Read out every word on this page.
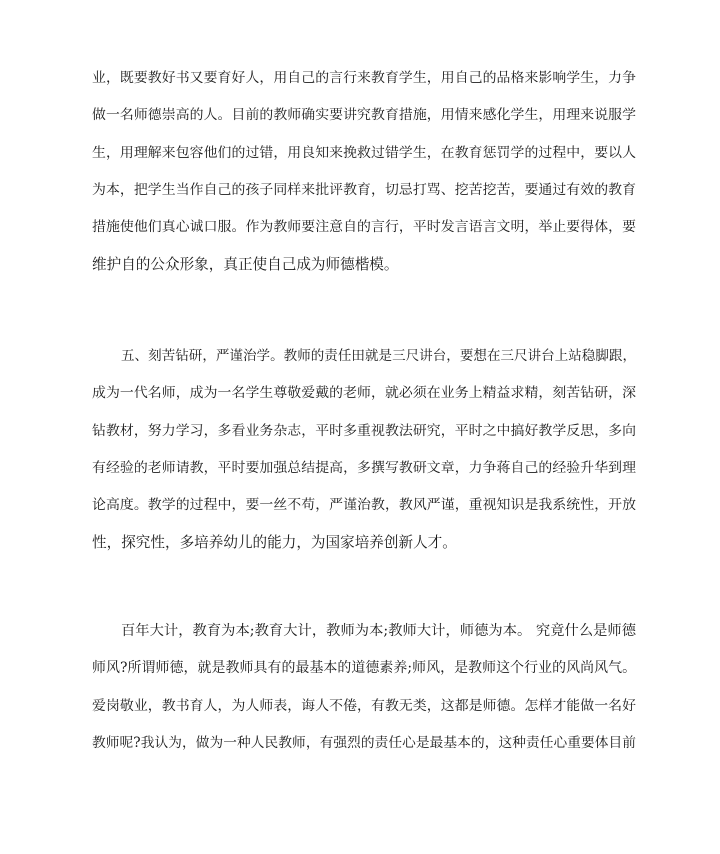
业，既要教好书又要育好人，用自己的言行来教育学生，用自己的品格来影响学生，力争
做一名师德崇高的人。目前的教师确实要讲究教育措施，用情来感化学生，用理来说服学
生，用理解来包容他们的过错，用良知来挽救过错学生，在教育惩罚学的过程中，要以人
为本，把学生当作自己的孩子同样来批评教育，切忌打骂、挖苦挖苦，要通过有效的教育
措施使他们真心诚口服。作为教师要注意自的言行，平时发言语言文明，举止要得体，要
维护自的公众形象，真正使自己成为师德楷模。
五、刻苦钻研，严谨治学。教师的责任田就是三尺讲台，要想在三尺讲台上站稳脚跟，
成为一代名师，成为一名学生尊敬爱戴的老师，就必须在业务上精益求精，刻苦钻研，深
钻教材，努力学习，多看业务杂志，平时多重视教法研究，平时之中搞好教学反思，多向
有经验的老师请教，平时要加强总结提高，多撰写教研文章，力争蒋自己的经验升华到理
论高度。教学的过程中，要一丝不苟，严谨治教，教风严谨，重视知识是我系统性，开放
性，探究性，多培养幼儿的能力，为国家培养创新人才。
百年大计，教育为本;教育大计，教师为本;教师大计，师德为本。 究竟什么是师德
师风?所谓师德，就是教师具有的最基本的道德素养;师风，是教师这个行业的风尚风气。
爱岗敬业，教书育人，为人师表，诲人不倦，有教无类，这都是师德。怎样才能做一名好
教师呢?我认为，做为一种人民教师，有强烈的责任心是最基本的，这种责任心重要体目前
